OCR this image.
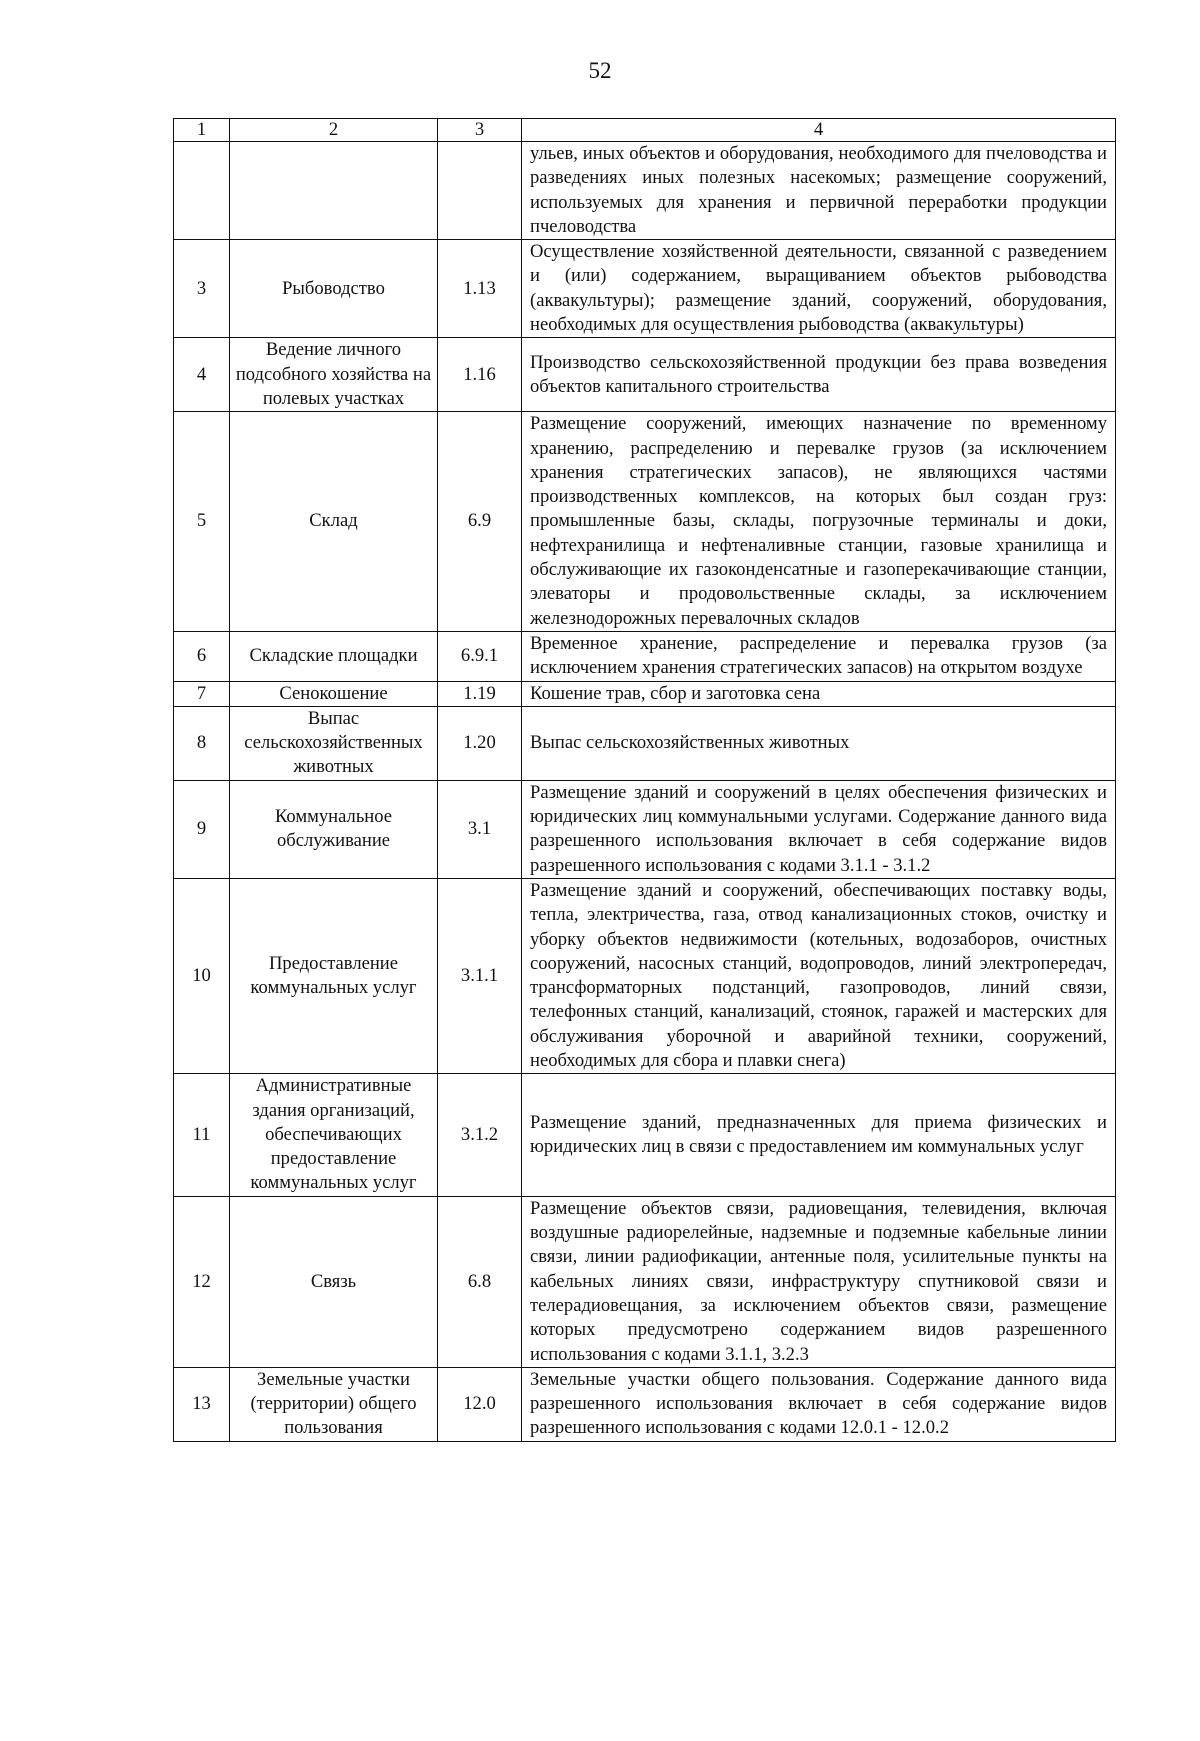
52
1	2	3	4
			ульев, иных объектов и оборудования, необходимого для пчеловодства и разведениях иных полезных насекомых; размещение сооружений, используемых для хранения и первичной переработки продукции пчеловодства
3	Рыбоводство	1.13	Осуществление хозяйственной деятельности, связанной с разведением и (или) содержанием, выращиванием объектов рыбоводства (аквакультуры); размещение зданий, сооружений, оборудования, необходимых для осуществления рыбоводства (аквакультуры)
4	Ведение личного подсобного хозяйства на полевых участках	1.16	Производство сельскохозяйственной продукции без права возведения объектов капитального строительства
5	Склад	6.9	Размещение сооружений, имеющих назначение по временному хранению, распределению и перевалке грузов (за исключением хранения стратегических запасов), не являющихся частями производственных комплексов, на которых был создан груз: промышленные базы, склады, погрузочные терминалы и доки, нефтехранилища и нефтеналивные станции, газовые хранилища и обслуживающие их газоконденсатные и газоперекачивающие станции, элеваторы и продовольственные склады, за исключением железнодорожных перевалочных складов
6	Складские площадки	6.9.1	Временное хранение, распределение и перевалка грузов (за исключением хранения стратегических запасов) на открытом воздухе
7	Сенокошение	1.19	Кошение трав, сбор и заготовка сена
8	Выпас сельскохозяйственных животных	1.20	Выпас сельскохозяйственных животных
9	Коммунальное обслуживание	3.1	Размещение зданий и сооружений в целях обеспечения физических и юридических лиц коммунальными услугами. Содержание данного вида разрешенного использования включает в себя содержание видов разрешенного использования с кодами 3.1.1 - 3.1.2
10	Предоставление коммунальных услуг	3.1.1	Размещение зданий и сооружений, обеспечивающих поставку воды, тепла, электричества, газа, отвод канализационных стоков, очистку и уборку объектов недвижимости (котельных, водозаборов, очистных сооружений, насосных станций, водопроводов, линий электропередач, трансформаторных подстанций, газопроводов, линий связи, телефонных станций, канализаций, стоянок, гаражей и мастерских для обслуживания уборочной и аварийной техники, сооружений, необходимых для сбора и плавки снега)
11	Административные здания организаций, обеспечивающих предоставление коммунальных услуг	3.1.2	Размещение зданий, предназначенных для приема физических и юридических лиц в связи с предоставлением им коммунальных услуг
12	Связь	6.8	Размещение объектов связи, радиовещания, телевидения, включая воздушные радиорелейные, надземные и подземные кабельные линии связи, линии радиофикации, антенные поля, усилительные пункты на кабельных линиях связи, инфраструктуру спутниковой связи и телерадиовещания, за исключением объектов связи, размещение которых предусмотрено содержанием видов разрешенного использования с кодами 3.1.1, 3.2.3
13	Земельные участки (территории) общего пользования	12.0	Земельные участки общего пользования. Содержание данного вида разрешенного использования включает в себя содержание видов разрешенного использования с кодами 12.0.1 - 12.0.2
